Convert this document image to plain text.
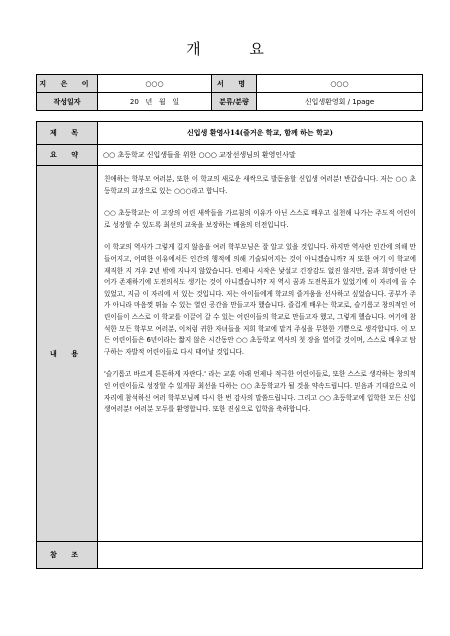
개 요
지 은 이	○○○	서 명	○○○
작성일자	20   년   월   일	분류/분량	신입생환영회 / 1page

제 목	신입생 환영사14(즐거운 학교, 함께 하는 학교)		
요 약	○○ 초등학교 신입생들을 위한 ○○○ 교장선생님의 환영인사말		
내 용	친애하는 학부모 여러분, 또한 이 학교의 새로운 새싹으로 발돋움할 신입생 여러분! 반갑습니다. 저는 ○○ 초등학교의 교장으로 있는 ○○○라고 합니다.

○○ 초등학교는 이 고장의 어린 새싹들을 가르침의 이유가 아닌 스스로 배우고 실천해 나가는 주도적 어린이로 성장할 수 있도록 최선의 교육을 보장하는 배움의 터전입니다.

이 학교의 역사가 그렇게 길지 않음을 여러 학부모님은 잘 알고 있을 것입니다. 하지만 역사란 인간에 의해 만들어지고, 어떠한 이유에서든 인간의 행적에 의해 기술되어지는 것이 아니겠습니까? 저 또한 여기 이 학교에 재직한 지 겨우 2년 밖에 지나지 않았습니다. 언제나 시작은 낯설고 긴장감도 없진 않지만, 꿈과 희망이란 단어가 존재하기에 도전의식도 생기는 것이 아니겠습니까? 저 역시 꿈과 도전목표가 있었기에 이 자리에 올 수 있었고, 지금 이 자리에 서 있는 것입니다. 저는 아이들에게 학교의 즐거움을 선사하고 싶었습니다. 공부가 주가 아니라 마음껏 뛰놀 수 있는 열린 공간을 만들고자 했습니다. 즐겁게 배우는 학교로, 슬기롭고 창의적인 어린이들이 스스로 이 학교를 이끌어 갈 수 있는 어린이들의 학교로 만들고자 했고, 그렇게 했습니다. 여기에 참석한 모든 학부모 여러분, 이처럼 귀한 자녀들을 저희 학교에 맡겨 주심을 무한한 기쁨으로 생각합니다. 이 모든 어린이들은 6년이라는 짧지 않은 시간동안 ○○ 초등학교 역사의 첫 장을 열어갈 것이며, 스스로 배우고 탐구하는 자발적 어린이들로 다시 태어날 것입니다.

'슬기롭고 바르게 튼튼하게 자란다.' 라는 교훈 아래 언제나 적극한 어린이들로, 또한 스스로 생각하는 창의적인 어린이들로 성장할 수 있게끔 최선을 다하는 ○○ 초등학교가 될 것을 약속드립니다. 믿음과 기대감으로 이 자리에 참석하신 여러 학부모님께 다시 한 번 감사의 말씀드립니다. 그리고 ○○ 초등학교에 입학한 모든 신입생여러분! 여러분 모두를 환영합니다. 또한 진심으로 입학을 축하합니다.		

참 조			
